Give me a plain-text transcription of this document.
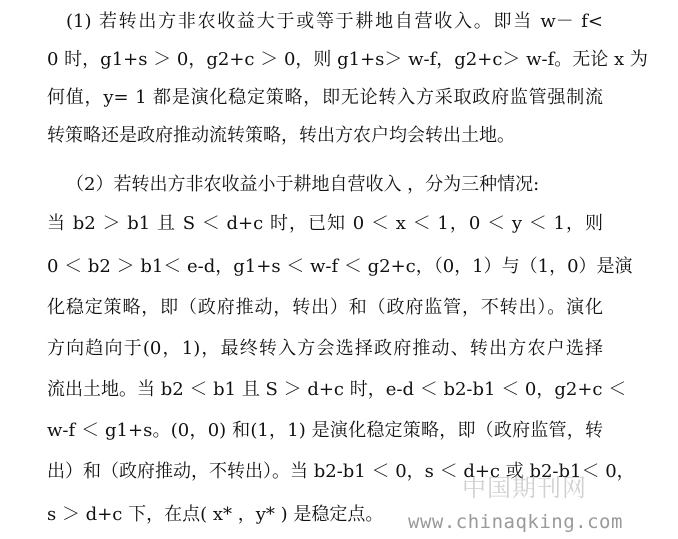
(1) 若转出方非农收益大于或等于耕地自营收入。即当 w－ f<
0 时，g1+s ＞ 0，g2+c ＞ 0，则 g1+s＞ w-f，g2+c＞ w-f。无论 x 为
何值，y= 1 都是演化稳定策略，即无论转入方采取政府监管强制流
转策略还是政府推动流转策略，转出方农户均会转出土地。
（2）若转出方非农收益小于耕地自营收入 ，分为三种情况:
当 b2 ＞ b1 且 S ＜ d+c 时，已知 0 ＜ x ＜ 1，0 ＜ y ＜ 1，则
0 ＜ b2 ＞ b1＜ e-d，g1+s ＜ w-f ＜ g2+c，（0，1）与（1，0）是演
化稳定策略，即（政府推动，转出）和（政府监管，不转出）。演化
方向趋向于(0，1)，最终转入方会选择政府推动、转出方农户选择
流出土地。当 b2 ＜ b1 且 S ＞ d+c 时，e-d ＜ b2-b1 ＜ 0，g2+c ＜
w-f ＜ g1+s。(0，0) 和(1，1) 是演化稳定策略，即（政府监管，转
出）和（政府推动，不转出）。当 b2-b1 ＜ 0，s ＜ d+c 或 b2-b1＜ 0，
s ＞ d+c 下，在点( x* ，y* ) 是稳定点。
中国期刊网
www.chinaqking.com
